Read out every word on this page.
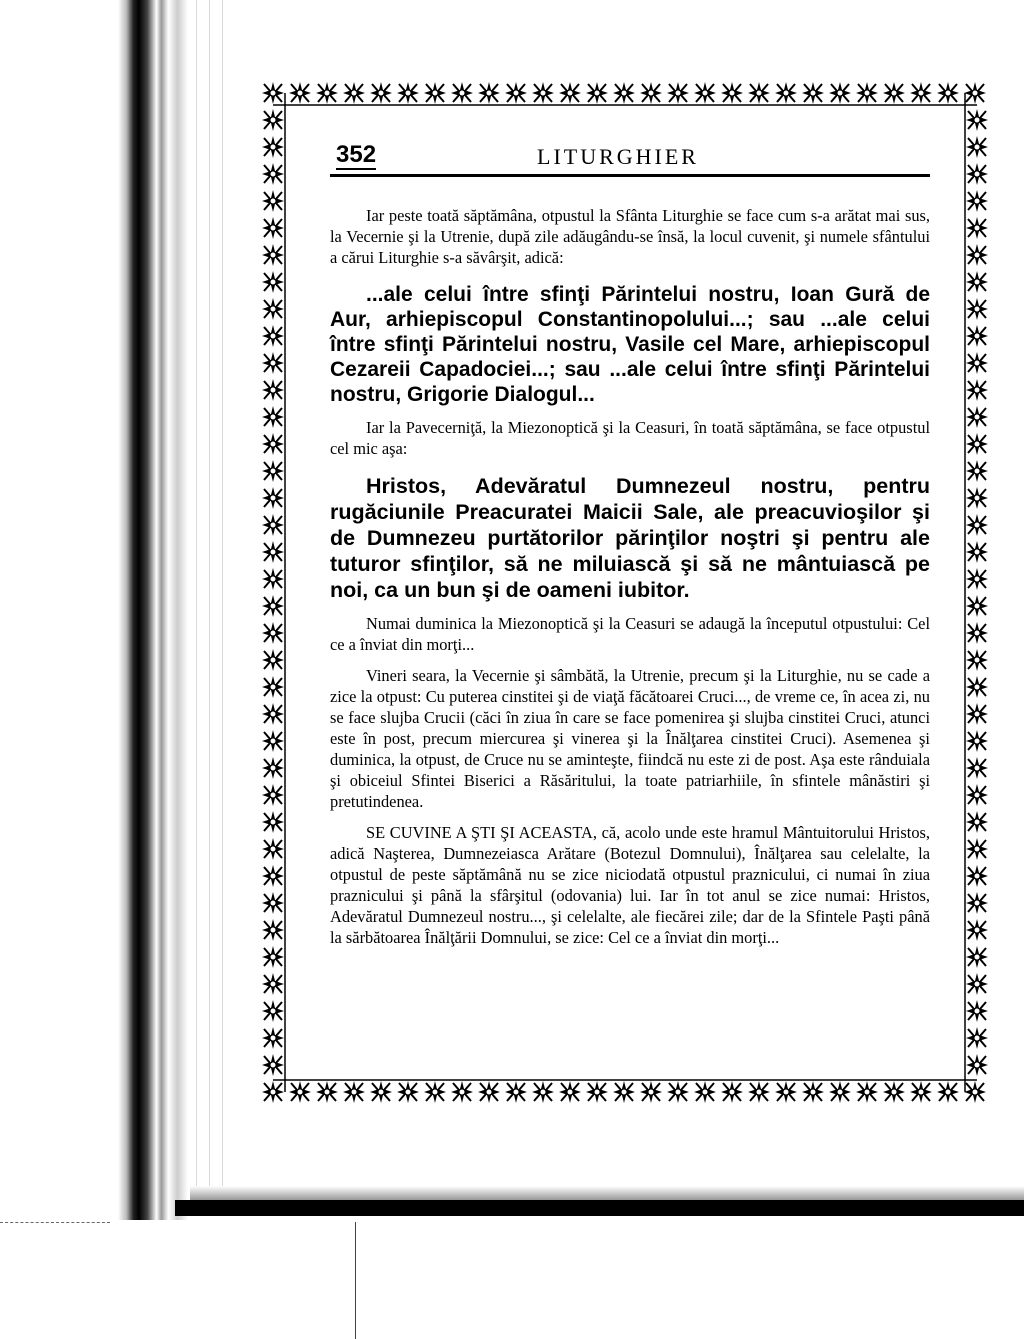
352	LITURGHIER

Iar peste toată săptămâna, otpustul la Sfânta Liturghie se face cum s-a arătat mai sus, la Vecernie şi la Utrenie, după zile adăugându-se însă, la locul cuvenit, şi numele sfântului a cărui Liturghie s-a săvârşit, adică:

...ale celui între sfinţi Părintelui nostru, Ioan Gură de Aur, arhiepiscopul Constantinopolului...; sau ...ale celui între sfinţi Părintelui nostru, Vasile cel Mare, arhiepiscopul Cezareii Capadociei...; sau ...ale celui între sfinţi Părintelui nostru, Grigorie Dialogul...

Iar la Pavecerniţă, la Miezonoptică şi la Ceasuri, în toată săptămâna, se face otpustul cel mic aşa:

Hristos, Adevăratul Dumnezeul nostru, pentru rugăciunile Preacuratei Maicii Sale, ale preacuvioşilor şi de Dumnezeu purtătorilor părinţilor noştri şi pentru ale tuturor sfinţilor, să ne miluiască şi să ne mântuiască pe noi, ca un bun şi de oameni iubitor.

Numai duminica la Miezonoptică şi la Ceasuri se adaugă la începutul otpustului: Cel ce a înviat din morţi...

Vineri seara, la Vecernie şi sâmbătă, la Utrenie, precum şi la Liturghie, nu se cade a zice la otpust: Cu puterea cinstitei şi de viaţă făcătoarei Cruci..., de vreme ce, în acea zi, nu se face slujba Crucii (căci în ziua în care se face pomenirea şi slujba cinstitei Cruci, atunci este în post, precum miercurea şi vinerea şi la Înălţarea cinstitei Cruci). Asemenea şi duminica, la otpust, de Cruce nu se aminteşte, fiindcă nu este zi de post. Aşa este rânduiala şi obiceiul Sfintei Biserici a Răsăritului, la toate patriarhiile, în sfintele mânăstiri şi pretutindenea.

SE CUVINE A ŞTI ŞI ACEASTA, că, acolo unde este hramul Mântuitorului Hristos, adică Naşterea, Dumnezeiasca Arătare (Botezul Domnului), Înălţarea sau celelalte, la otpustul de peste săptămână nu se zice niciodată otpustul praznicului, ci numai în ziua praznicului şi până la sfârşitul (odovania) lui. Iar în tot anul se zice numai: Hristos, Adevăratul Dumnezeul nostru..., şi celelalte, ale fiecărei zile; dar de la Sfintele Paşti până la sărbătoarea Înălţării Domnului, se zice: Cel ce a înviat din morţi...
